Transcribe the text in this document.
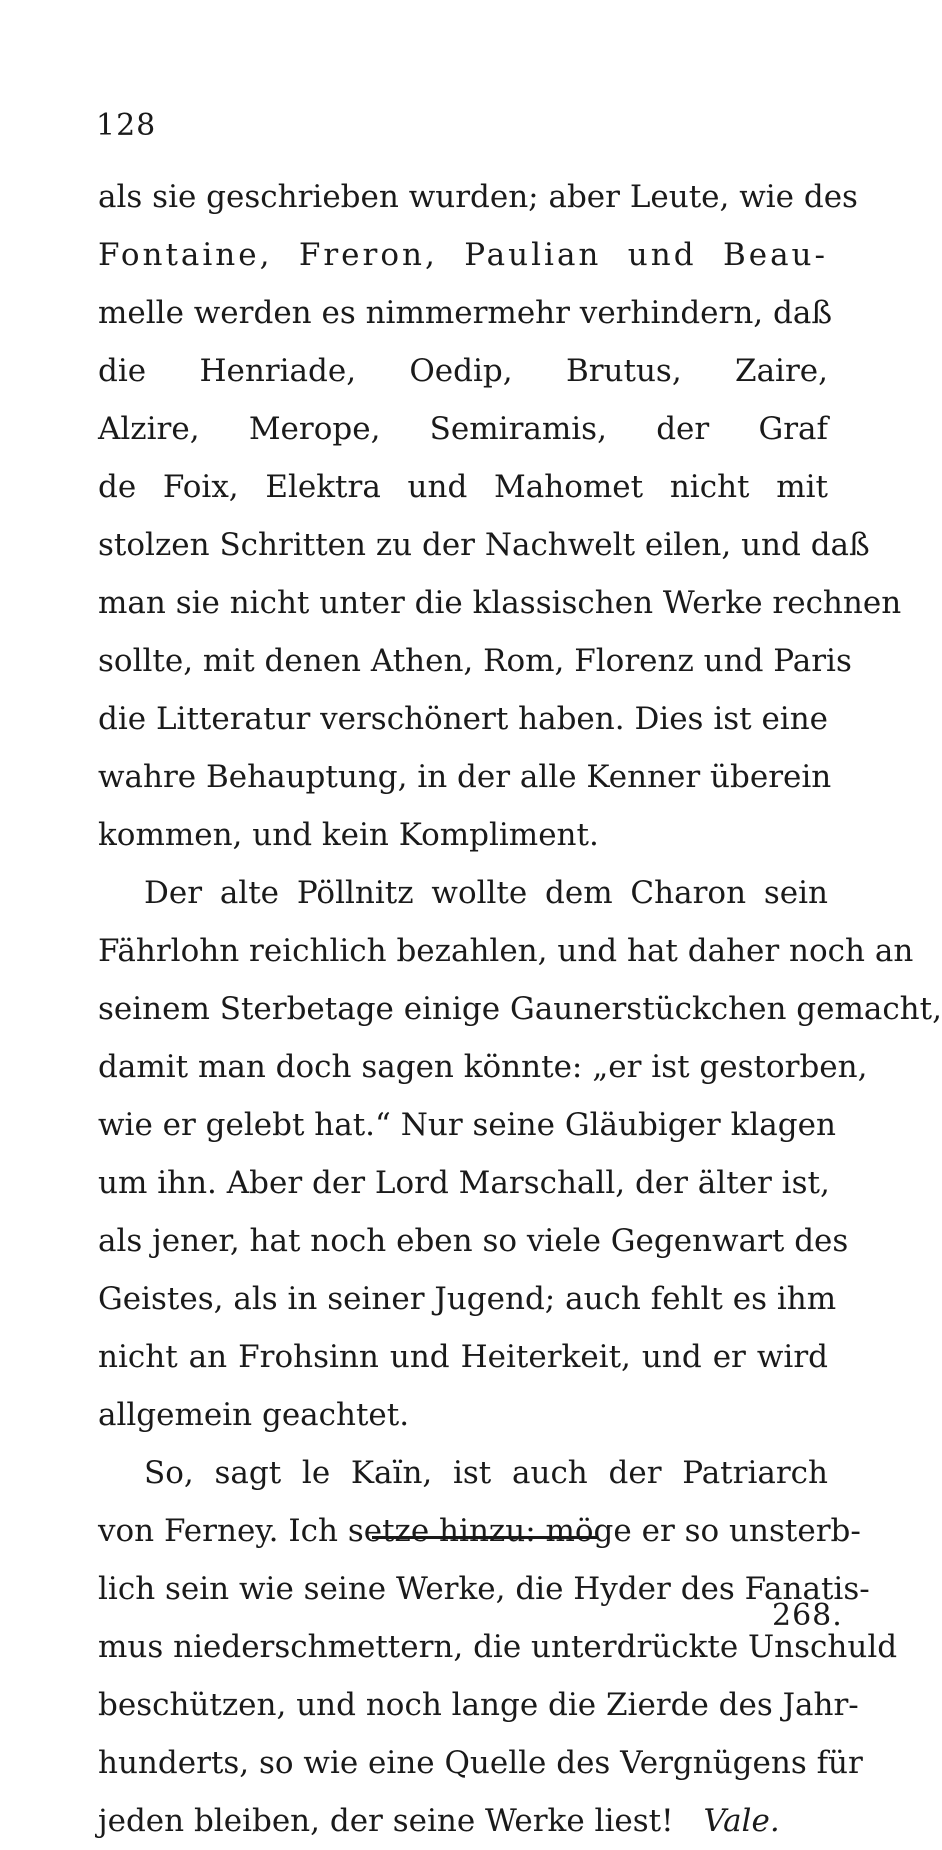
128
als sie geschrieben wurden; aber Leute, wie des
Fontaine, Freron, Paulian und Beau-
melle werden es nimmermehr verhindern, daß
die Henriade, Oedip, Brutus, Zaire,
Alzire, Merope, Semiramis, der Graf
de Foix, Elektra und Mahomet nicht mit
stolzen Schritten zu der Nachwelt eilen, und daß
man sie nicht unter die klassischen Werke rechnen
sollte, mit denen Athen, Rom, Florenz und Paris
die Litteratur verschönert haben. Dies ist eine
wahre Behauptung, in der alle Kenner überein
kommen, und kein Kompliment.
Der alte Pöllnitz wollte dem Charon sein
Fährlohn reichlich bezahlen, und hat daher noch an
seinem Sterbetage einige Gaunerstückchen gemacht,
damit man doch sagen könnte: „er ist gestorben,
wie er gelebt hat.“ Nur seine Gläubiger klagen
um ihn. Aber der Lord Marschall, der älter ist,
als jener, hat noch eben so viele Gegenwart des
Geistes, als in seiner Jugend; auch fehlt es ihm
nicht an Frohsinn und Heiterkeit, und er wird
allgemein geachtet.
So, sagt le Kaïn, ist auch der Patriarch
von Ferney. Ich setze hinzu: möge er so unsterb-
lich sein wie seine Werke, die Hyder des Fanatis-
mus niederschmettern, die unterdrückte Unschuld
beschützen, und noch lange die Zierde des Jahr-
hunderts, so wie eine Quelle des Vergnügens für
jeden bleiben, der seine Werke liest! Vale.
268.
